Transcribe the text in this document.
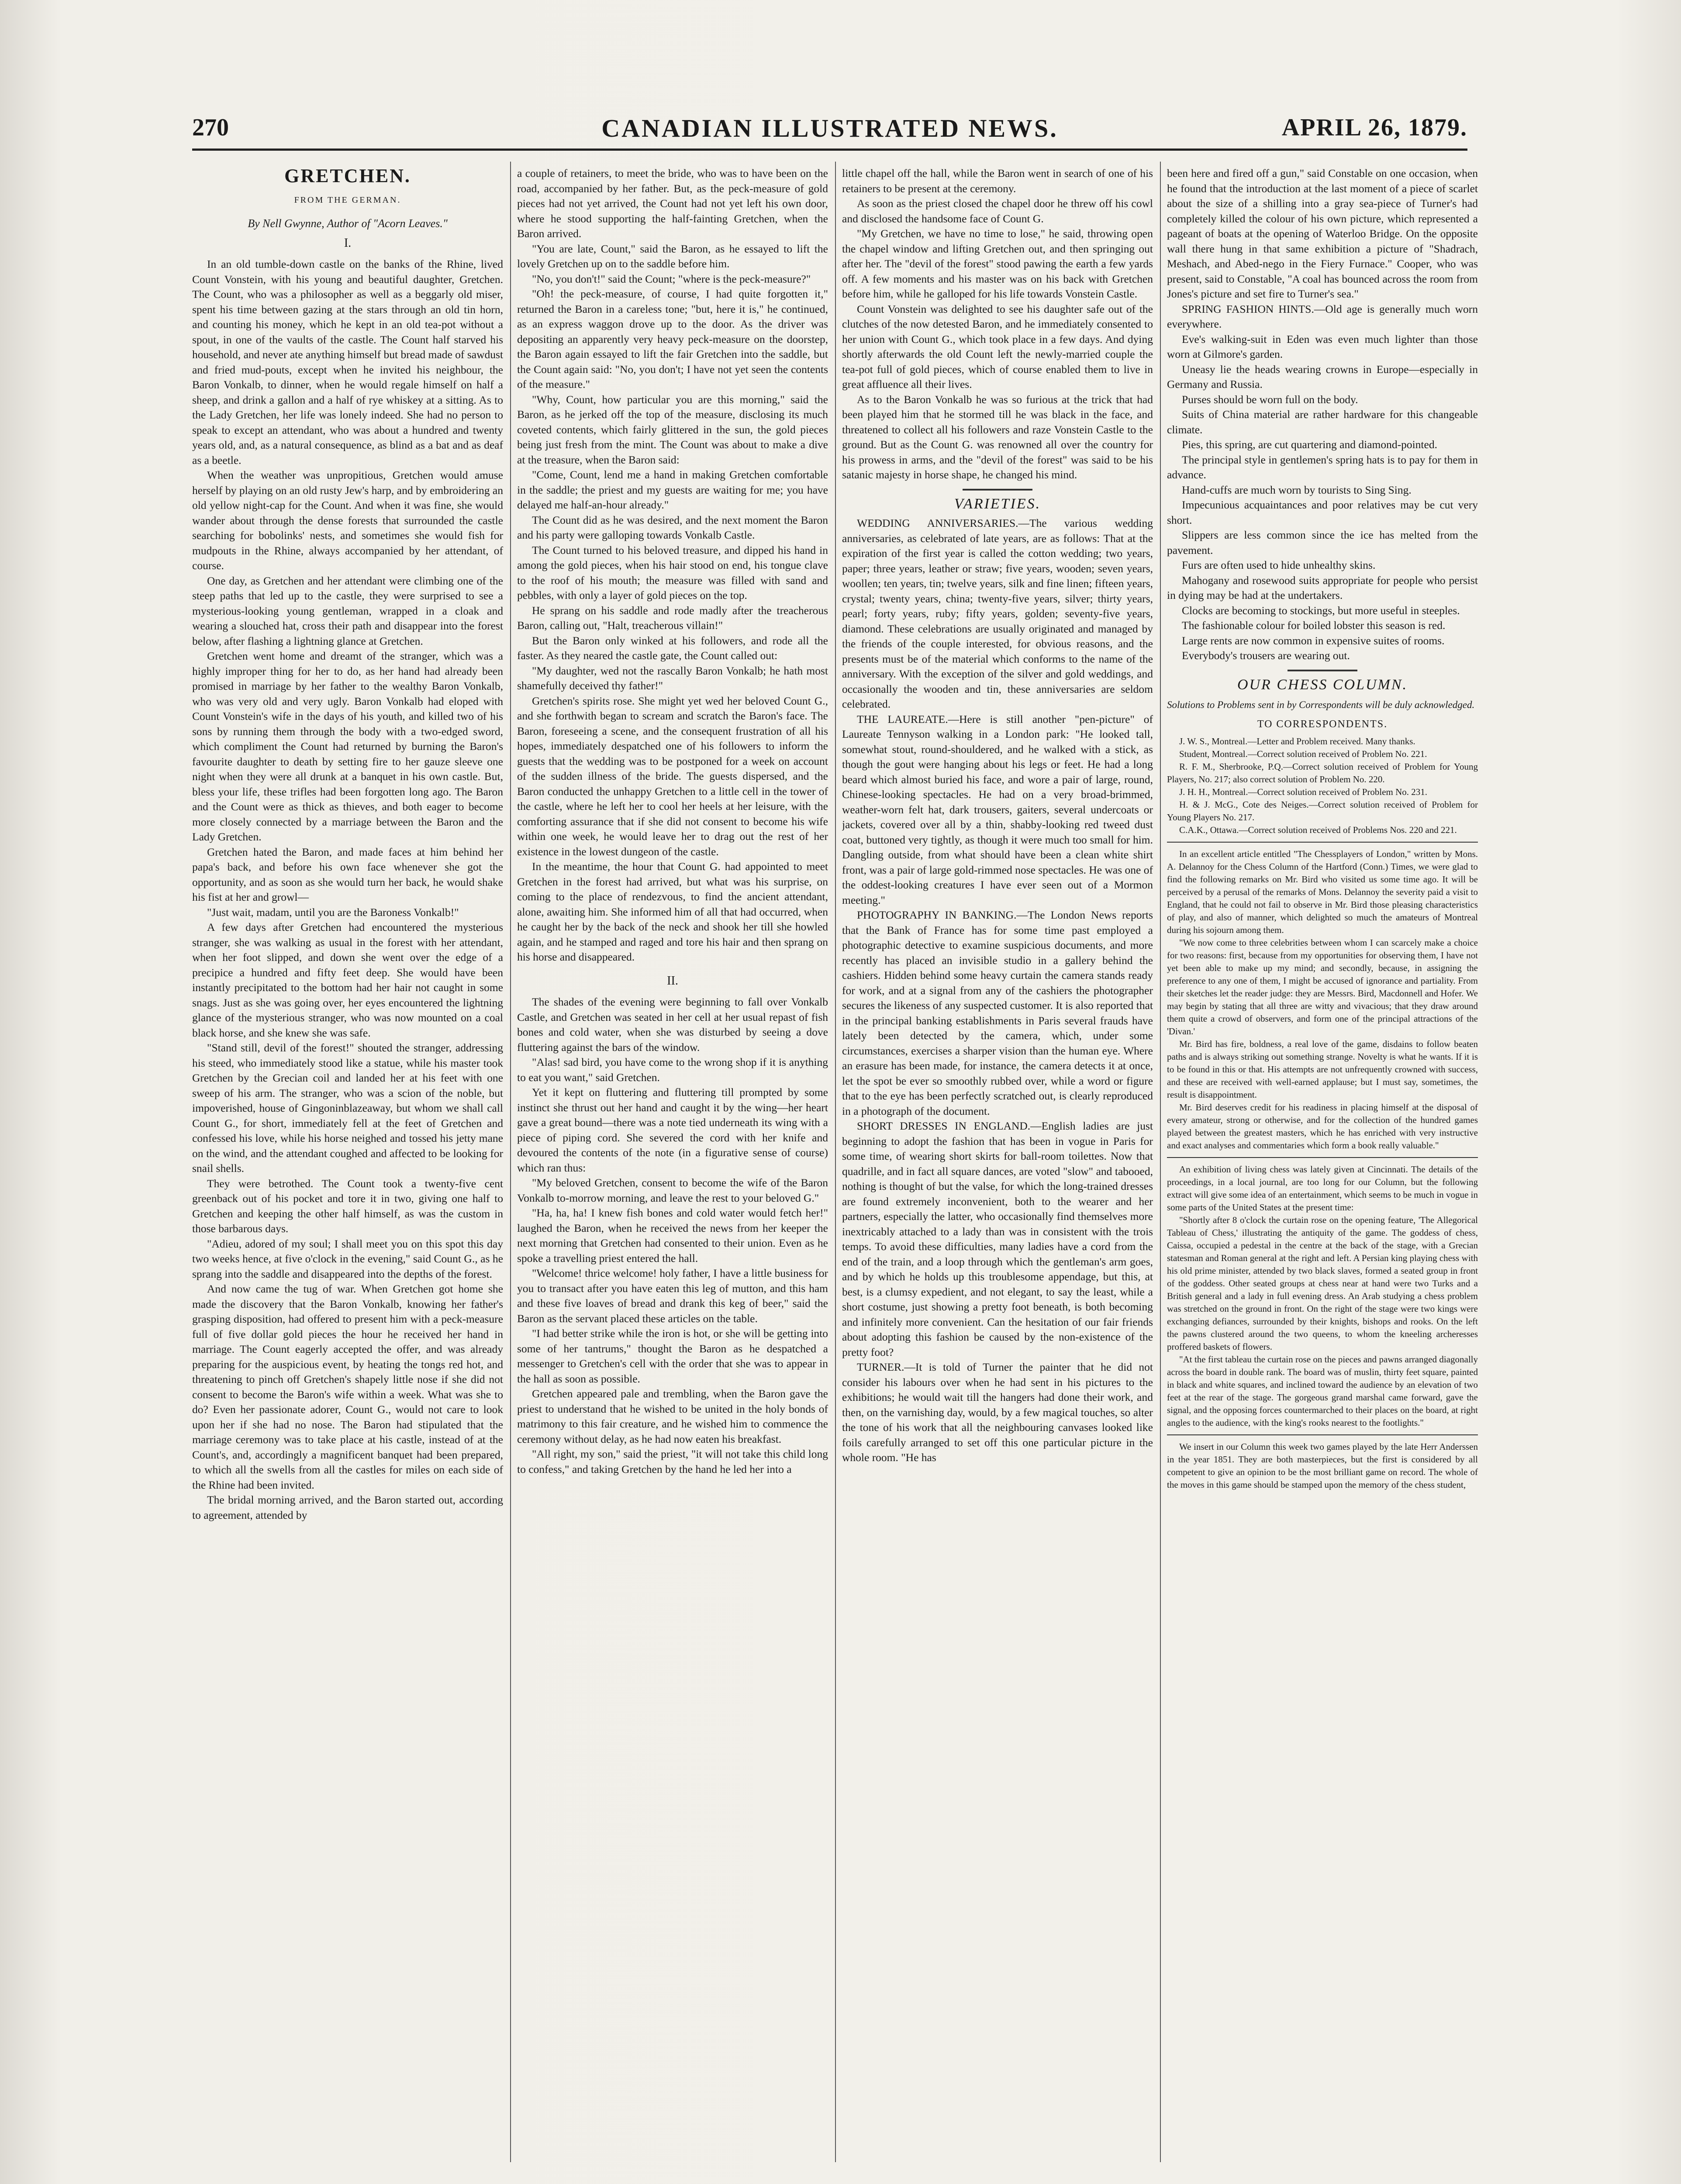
270	CANADIAN ILLUSTRATED NEWS.	APRIL 26, 1879.
GRETCHEN.
FROM THE GERMAN.
By Nell Gwynne, Author of "Acorn Leaves."
I.

In an old tumble-down castle on the banks of the Rhine, lived Count Vonstein, with his young and beautiful daughter, Gretchen. The Count, who was a philosopher as well as a beggarly old miser, spent his time between gazing at the stars through an old tin horn, and counting his money, which he kept in an old tea-pot without a spout, in one of the vaults of the castle. The Count half starved his household, and never ate anything himself but bread made of sawdust and fried mud-pouts, except when he invited his neighbour, the Baron Vonkalb, to dinner, when he would regale himself on half a sheep, and drink a gallon and a half of rye whiskey at a sitting. As to the Lady Gretchen, her life was lonely indeed. She had no person to speak to except an attendant, who was about a hundred and twenty years old, and, as a natural consequence, as blind as a bat and as deaf as a beetle.

When the weather was unpropitious, Gretchen would amuse herself by playing on an old rusty Jew's harp, and by embroidering an old yellow night-cap for the Count. And when it was fine, she would wander about through the dense forests that surrounded the castle searching for bobolinks' nests, and sometimes she would fish for mudpouts in the Rhine, always accompanied by her attendant, of course.

One day, as Gretchen and her attendant were climbing one of the steep paths that led up to the castle, they were surprised to see a mysterious-looking young gentleman, wrapped in a cloak and wearing a slouched hat, cross their path and disappear into the forest below, after flashing a lightning glance at Gretchen.

Gretchen went home and dreamt of the stranger, which was a highly improper thing for her to do, as her hand had already been promised in marriage by her father to the wealthy Baron Vonkalb, who was very old and very ugly. Baron Vonkalb had eloped with Count Vonstein's wife in the days of his youth, and killed two of his sons by running them through the body with a two-edged sword, which compliment the Count had returned by burning the Baron's favourite daughter to death by setting fire to her gauze sleeve one night when they were all drunk at a banquet in his own castle. But, bless your life, these trifles had been forgotten long ago. The Baron and the Count were as thick as thieves, and both eager to become more closely connected by a marriage between the Baron and the Lady Gretchen.

Gretchen hated the Baron, and made faces at him behind her papa's back, and before his own face whenever she got the opportunity, and as soon as she would turn her back, he would shake his fist at her and growl—

"Just wait, madam, until you are the Baroness Vonkalb!"

A few days after Gretchen had encountered the mysterious stranger, she was walking as usual in the forest with her attendant, when her foot slipped, and down she went over the edge of a precipice a hundred and fifty feet deep. She would have been instantly precipitated to the bottom had her hair not caught in some snags. Just as she was going over, her eyes encountered the lightning glance of the mysterious stranger, who was now mounted on a coal black horse, and she knew she was safe.

"Stand still, devil of the forest!" shouted the stranger, addressing his steed, who immediately stood like a statue, while his master took Gretchen by the Grecian coil and landed her at his feet with one sweep of his arm. The stranger, who was a scion of the noble, but impoverished, house of Gingoninblazeaway, but whom we shall call Count G., for short, immediately fell at the feet of Gretchen and confessed his love, while his horse neighed and tossed his jetty mane on the wind, and the attendant coughed and affected to be looking for snail shells.

They were betrothed. The Count took a twenty-five cent greenback out of his pocket and tore it in two, giving one half to Gretchen and keeping the other half himself, as was the custom in those barbarous days.

"Adieu, adored of my soul; I shall meet you on this spot this day two weeks hence, at five o'clock in the evening," said Count G., as he sprang into the saddle and disappeared into the depths of the forest.

And now came the tug of war. When Gretchen got home she made the discovery that the Baron Vonkalb, knowing her father's grasping disposition, had offered to present him with a peck-measure full of five dollar gold pieces the hour he received her hand in marriage. The Count eagerly accepted the offer, and was already preparing for the auspicious event, by heating the tongs red hot, and threatening to pinch off Gretchen's shapely little nose if she did not consent to become the Baron's wife within a week. What was she to do? Even her passionate adorer, Count G., would not care to look upon her if she had no nose. The Baron had stipulated that the marriage ceremony was to take place at his castle, instead of at the Count's, and, accordingly a magnificent banquet had been prepared, to which all the swells from all the castles for miles on each side of the Rhine had been invited.

The bridal morning arrived, and the Baron started out, according to agreement, attended by

a couple of retainers, to meet the bride, who was to have been on the road, accompanied by her father. But, as the peck-measure of gold pieces had not yet arrived, the Count had not yet left his own door, where he stood supporting the half-fainting Gretchen, when the Baron arrived.

"You are late, Count," said the Baron, as he essayed to lift the lovely Gretchen up on to the saddle before him.

"No, you don't!" said the Count; "where is the peck-measure?"

"Oh! the peck-measure, of course, I had quite forgotten it," returned the Baron in a careless tone; "but, here it is," he continued, as an express waggon drove up to the door. As the driver was depositing an apparently very heavy peck-measure on the doorstep, the Baron again essayed to lift the fair Gretchen into the saddle, but the Count again said: "No, you don't; I have not yet seen the contents of the measure."

"Why, Count, how particular you are this morning," said the Baron, as he jerked off the top of the measure, disclosing its much coveted contents, which fairly glittered in the sun, the gold pieces being just fresh from the mint. The Count was about to make a dive at the treasure, when the Baron said:

"Come, Count, lend me a hand in making Gretchen comfortable in the saddle; the priest and my guests are waiting for me; you have delayed me half-an-hour already."

The Count did as he was desired, and the next moment the Baron and his party were galloping towards Vonkalb Castle.

The Count turned to his beloved treasure, and dipped his hand in among the gold pieces, when his hair stood on end, his tongue clave to the roof of his mouth; the measure was filled with sand and pebbles, with only a layer of gold pieces on the top.

He sprang on his saddle and rode madly after the treacherous Baron, calling out, "Halt, treacherous villain!"

But the Baron only winked at his followers, and rode all the faster. As they neared the castle gate, the Count called out:

"My daughter, wed not the rascally Baron Vonkalb; he hath most shamefully deceived thy father!"

Gretchen's spirits rose. She might yet wed her beloved Count G., and she forthwith began to scream and scratch the Baron's face. The Baron, foreseeing a scene, and the consequent frustration of all his hopes, immediately despatched one of his followers to inform the guests that the wedding was to be postponed for a week on account of the sudden illness of the bride. The guests dispersed, and the Baron conducted the unhappy Gretchen to a little cell in the tower of the castle, where he left her to cool her heels at her leisure, with the comforting assurance that if she did not consent to become his wife within one week, he would leave her to drag out the rest of her existence in the lowest dungeon of the castle.

In the meantime, the hour that Count G. had appointed to meet Gretchen in the forest had arrived, but what was his surprise, on coming to the place of rendezvous, to find the ancient attendant, alone, awaiting him. She informed him of all that had occurred, when he caught her by the back of the neck and shook her till she howled again, and he stamped and raged and tore his hair and then sprang on his horse and disappeared.

II.

The shades of the evening were beginning to fall over Vonkalb Castle, and Gretchen was seated in her cell at her usual repast of fish bones and cold water, when she was disturbed by seeing a dove fluttering against the bars of the window.

"Alas! sad bird, you have come to the wrong shop if it is anything to eat you want," said Gretchen.

Yet it kept on fluttering and fluttering till prompted by some instinct she thrust out her hand and caught it by the wing—her heart gave a great bound—there was a note tied underneath its wing with a piece of piping cord. She severed the cord with her knife and devoured the contents of the note (in a figurative sense of course) which ran thus:

"My beloved Gretchen, consent to become the wife of the Baron Vonkalb to-morrow morning, and leave the rest to your beloved G."

"Ha, ha, ha! I knew fish bones and cold water would fetch her!" laughed the Baron, when he received the news from her keeper the next morning that Gretchen had consented to their union. Even as he spoke a travelling priest entered the hall.

"Welcome! thrice welcome! holy father, I have a little business for you to transact after you have eaten this leg of mutton, and this ham and these five loaves of bread and drank this keg of beer," said the Baron as the servant placed these articles on the table.

"I had better strike while the iron is hot, or she will be getting into some of her tantrums," thought the Baron as he despatched a messenger to Gretchen's cell with the order that she was to appear in the hall as soon as possible.

Gretchen appeared pale and trembling, when the Baron gave the priest to understand that he wished to be united in the holy bonds of matrimony to this fair creature, and he wished him to commence the ceremony without delay, as he had now eaten his breakfast.

"All right, my son," said the priest, "it will not take this child long to confess," and taking Gretchen by the hand he led her into a

little chapel off the hall, while the Baron went in search of one of his retainers to be present at the ceremony.

As soon as the priest closed the chapel door he threw off his cowl and disclosed the handsome face of Count G.

"My Gretchen, we have no time to lose," he said, throwing open the chapel window and lifting Gretchen out, and then springing out after her. The "devil of the forest" stood pawing the earth a few yards off. A few moments and his master was on his back with Gretchen before him, while he galloped for his life towards Vonstein Castle.

Count Vonstein was delighted to see his daughter safe out of the clutches of the now detested Baron, and he immediately consented to her union with Count G., which took place in a few days. And dying shortly afterwards the old Count left the newly-married couple the tea-pot full of gold pieces, which of course enabled them to live in great affluence all their lives.

As to the Baron Vonkalb he was so furious at the trick that had been played him that he stormed till he was black in the face, and threatened to collect all his followers and raze Vonstein Castle to the ground. But as the Count G. was renowned all over the country for his prowess in arms, and the "devil of the forest" was said to be his satanic majesty in horse shape, he changed his mind.

VARIETIES.

WEDDING ANNIVERSARIES.—The various wedding anniversaries, as celebrated of late years, are as follows: That at the expiration of the first year is called the cotton wedding; two years, paper; three years, leather or straw; five years, wooden; seven years, woollen; ten years, tin; twelve years, silk and fine linen; fifteen years, crystal; twenty years, china; twenty-five years, silver; thirty years, pearl; forty years, ruby; fifty years, golden; seventy-five years, diamond. These celebrations are usually originated and managed by the friends of the couple interested, for obvious reasons, and the presents must be of the material which conforms to the name of the anniversary. With the exception of the silver and gold weddings, and occasionally the wooden and tin, these anniversaries are seldom celebrated.

THE LAUREATE.—Here is still another "pen-picture" of Laureate Tennyson walking in a London park: "He looked tall, somewhat stout, round-shouldered, and he walked with a stick, as though the gout were hanging about his legs or feet. He had a long beard which almost buried his face, and wore a pair of large, round, Chinese-looking spectacles. He had on a very broad-brimmed, weather-worn felt hat, dark trousers, gaiters, several undercoats or jackets, covered over all by a thin, shabby-looking red tweed dust coat, buttoned very tightly, as though it were much too small for him. Dangling outside, from what should have been a clean white shirt front, was a pair of large gold-rimmed nose spectacles. He was one of the oddest-looking creatures I have ever seen out of a Mormon meeting."

PHOTOGRAPHY IN BANKING.—The London News reports that the Bank of France has for some time past employed a photographic detective to examine suspicious documents, and more recently has placed an invisible studio in a gallery behind the cashiers. Hidden behind some heavy curtain the camera stands ready for work, and at a signal from any of the cashiers the photographer secures the likeness of any suspected customer. It is also reported that in the principal banking establishments in Paris several frauds have lately been detected by the camera, which, under some circumstances, exercises a sharper vision than the human eye. Where an erasure has been made, for instance, the camera detects it at once, let the spot be ever so smoothly rubbed over, while a word or figure that to the eye has been perfectly scratched out, is clearly reproduced in a photograph of the document.

SHORT DRESSES IN ENGLAND.—English ladies are just beginning to adopt the fashion that has been in vogue in Paris for some time, of wearing short skirts for ball-room toilettes. Now that quadrille, and in fact all square dances, are voted "slow" and tabooed, nothing is thought of but the valse, for which the long-trained dresses are found extremely inconvenient, both to the wearer and her partners, especially the latter, who occasionally find themselves more inextricably attached to a lady than was in consistent with the trois temps. To avoid these difficulties, many ladies have a cord from the end of the train, and a loop through which the gentleman's arm goes, and by which he holds up this troublesome appendage, but this, at best, is a clumsy expedient, and not elegant, to say the least, while a short costume, just showing a pretty foot beneath, is both becoming and infinitely more convenient. Can the hesitation of our fair friends about adopting this fashion be caused by the non-existence of the pretty foot?

TURNER.—It is told of Turner the painter that he did not consider his labours over when he had sent in his pictures to the exhibitions; he would wait till the hangers had done their work, and then, on the varnishing day, would, by a few magical touches, so alter the tone of his work that all the neighbouring canvases looked like foils carefully arranged to set off this one particular picture in the whole room. "He has

been here and fired off a gun," said Constable on one occasion, when he found that the introduction at the last moment of a piece of scarlet about the size of a shilling into a gray sea-piece of Turner's had completely killed the colour of his own picture, which represented a pageant of boats at the opening of Waterloo Bridge. On the opposite wall there hung in that same exhibition a picture of "Shadrach, Meshach, and Abed-nego in the Fiery Furnace." Cooper, who was present, said to Constable, "A coal has bounced across the room from Jones's picture and set fire to Turner's sea."

SPRING FASHION HINTS.—Old age is generally much worn everywhere.

Eve's walking-suit in Eden was even much lighter than those worn at Gilmore's garden.

Uneasy lie the heads wearing crowns in Europe—especially in Germany and Russia.

Purses should be worn full on the body.

Suits of China material are rather hardware for this changeable climate.

Pies, this spring, are cut quartering and diamond-pointed.

The principal style in gentlemen's spring hats is to pay for them in advance.

Hand-cuffs are much worn by tourists to Sing Sing.

Impecunious acquaintances and poor relatives may be cut very short.

Slippers are less common since the ice has melted from the pavement.

Furs are often used to hide unhealthy skins.

Mahogany and rosewood suits appropriate for people who persist in dying may be had at the undertakers.

Clocks are becoming to stockings, but more useful in steeples.

The fashionable colour for boiled lobster this season is red.

Large rents are now common in expensive suites of rooms.

Everybody's trousers are wearing out.

OUR CHESS COLUMN.
Solutions to Problems sent in by Correspondents will be duly acknowledged.
TO CORRESPONDENTS.

J. W. S., Montreal.—Letter and Problem received. Many thanks.

Student, Montreal.—Correct solution received of Problem No. 221.

R. F. M., Sherbrooke, P.Q.—Correct solution received of Problem for Young Players, No. 217; also correct solution of Problem No. 220.

J. H. H., Montreal.—Correct solution received of Problem No. 231.

H. & J. McG., Cote des Neiges.—Correct solution received of Problem for Young Players No. 217.

C.A.K., Ottawa.—Correct solution received of Problems Nos. 220 and 221.

In an excellent article entitled "The Chessplayers of London," written by Mons. A. Delannoy for the Chess Column of the Hartford (Conn.) Times, we were glad to find the following remarks on Mr. Bird who visited us some time ago. It will be perceived by a perusal of the remarks of Mons. Delannoy the severity paid a visit to England, that he could not fail to observe in Mr. Bird those pleasing characteristics of play, and also of manner, which delighted so much the amateurs of Montreal during his sojourn among them.

"We now come to three celebrities between whom I can scarcely make a choice for two reasons: first, because from my opportunities for observing them, I have not yet been able to make up my mind; and secondly, because, in assigning the preference to any one of them, I might be accused of ignorance and partiality. From their sketches let the reader judge: they are Messrs. Bird, Macdonnell and Hofer. We may begin by stating that all three are witty and vivacious; that they draw around them quite a crowd of observers, and form one of the principal attractions of the 'Divan.'

Mr. Bird has fire, boldness, a real love of the game, disdains to follow beaten paths and is always striking out something strange. Novelty is what he wants. If it is to be found in this or that. His attempts are not unfrequently crowned with success, and these are received with well-earned applause; but I must say, sometimes, the result is disappointment.

Mr. Bird deserves credit for his readiness in placing himself at the disposal of every amateur, strong or otherwise, and for the collection of the hundred games played between the greatest masters, which he has enriched with very instructive and exact analyses and commentaries which form a book really valuable."

An exhibition of living chess was lately given at Cincinnati. The details of the proceedings, in a local journal, are too long for our Column, but the following extract will give some idea of an entertainment, which seems to be much in vogue in some parts of the United States at the present time:

"Shortly after 8 o'clock the curtain rose on the opening feature, 'The Allegorical Tableau of Chess,' illustrating the antiquity of the game. The goddess of chess, Caissa, occupied a pedestal in the centre at the back of the stage, with a Grecian statesman and Roman general at the right and left. A Persian king playing chess with his old prime minister, attended by two black slaves, formed a seated group in front of the goddess. Other seated groups at chess near at hand were two Turks and a British general and a lady in full evening dress. An Arab studying a chess problem was stretched on the ground in front. On the right of the stage were two kings were exchanging defiances, surrounded by their knights, bishops and rooks. On the left the pawns clustered around the two queens, to whom the kneeling archeresses proffered baskets of flowers.

"At the first tableau the curtain rose on the pieces and pawns arranged diagonally across the board in double rank. The board was of muslin, thirty feet square, painted in black and white squares, and inclined toward the audience by an elevation of two feet at the rear of the stage. The gorgeous grand marshal came forward, gave the signal, and the opposing forces countermarched to their places on the board, at right angles to the audience, with the king's rooks nearest to the footlights."

We insert in our Column this week two games played by the late Herr Anderssen in the year 1851. They are both masterpieces, but the first is considered by all competent to give an opinion to be the most brilliant game on record. The whole of the moves in this game should be stamped upon the memory of the chess student,
